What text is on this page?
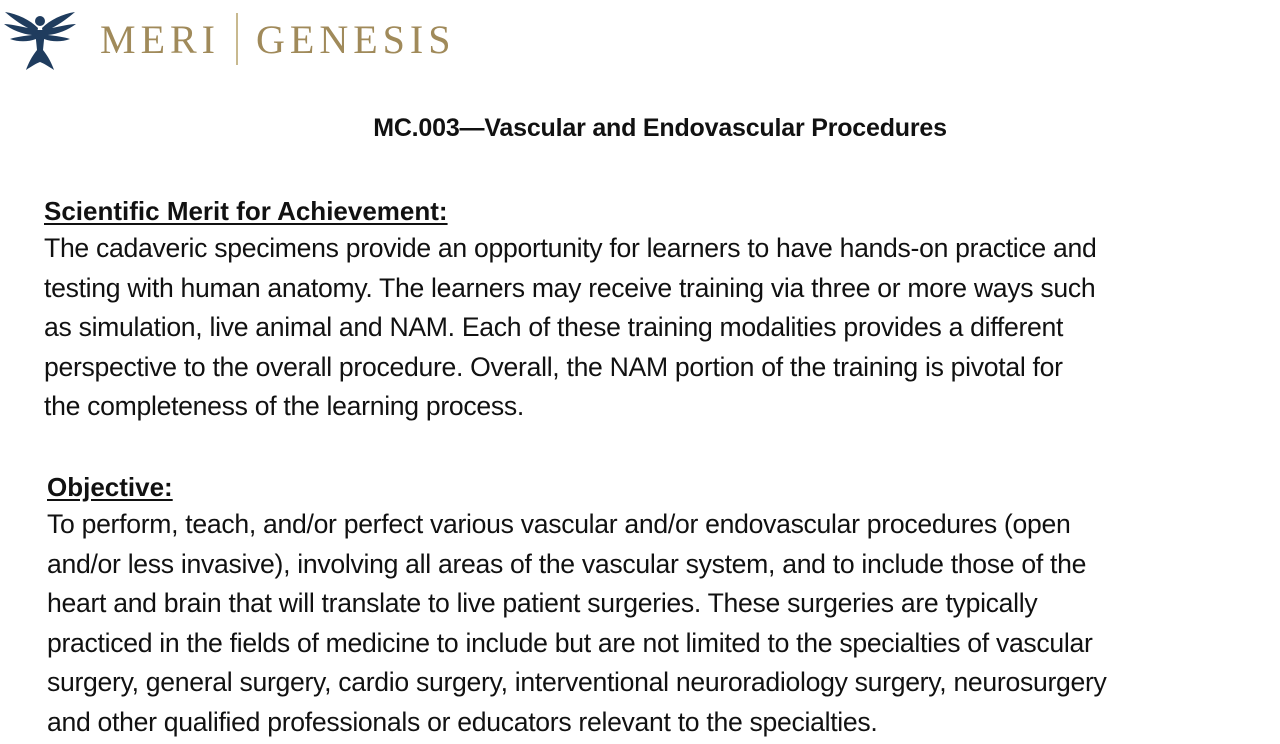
MERI GENESIS
MC.003—Vascular and Endovascular Procedures
Scientific Merit for Achievement:

The cadaveric specimens provide an opportunity for learners to have hands-on practice and
testing with human anatomy. The learners may receive training via three or more ways such
as simulation, live animal and NAM. Each of these training modalities provides a different
perspective to the overall procedure. Overall, the NAM portion of the training is pivotal for
the completeness of the learning process.

Objective:

To perform, teach, and/or perfect various vascular and/or endovascular procedures (open
and/or less invasive), involving all areas of the vascular system, and to include those of the
heart and brain that will translate to live patient surgeries. These surgeries are typically
practiced in the fields of medicine to include but are not limited to the specialties of vascular
surgery, general surgery, cardio surgery, interventional neuroradiology surgery, neurosurgery
and other qualified professionals or educators relevant to the specialties.
